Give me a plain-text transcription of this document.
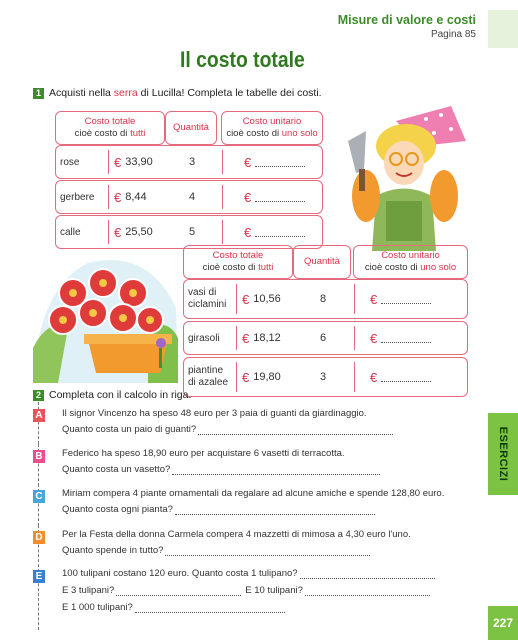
Misure di valore e costi
Pagina 85
Il costo totale
1 Acquisti nella serra di Lucilla! Completa le tabelle dei costi.
Costo totale
cioè costo di tutti
Quantità
Costo unitario
cioè costo di uno solo
rose	€ 33,90	3	€
gerbere € 8,44	4	€
calle	€ 25,50	5	€
Costo totale
cioè costo di tutti
Quantità
Costo unitario
cioè costo di uno solo
vasi di
ciclamini € 10,56	8	€
girasoli € 18,12	6	€
piantine
di azalee € 19,80	3	€
2 Completa con il calcolo in riga.
A Il signor Vincenzo ha speso 48 euro per 3 paia di guanti da giardinaggio.
Quanto costa un paio di guanti?
B Federico ha speso 18,90 euro per acquistare 6 vasetti di terracotta.
Quanto costa un vasetto?
C Miriam compera 4 piante ornamentali da regalare ad alcune amiche e spende 128,80 euro.
Quanto costa ogni pianta?
D Per la Festa della donna Carmela compera 4 mazzetti di mimosa a 4,30 euro l'uno.
Quanto spende in tutto?
E 100 tulipani costano 120 euro. Quanto costa 1 tulipano?
E 3 tulipani?	E 10 tulipani?
E 1 000 tulipani?
ESERCIZI
227
